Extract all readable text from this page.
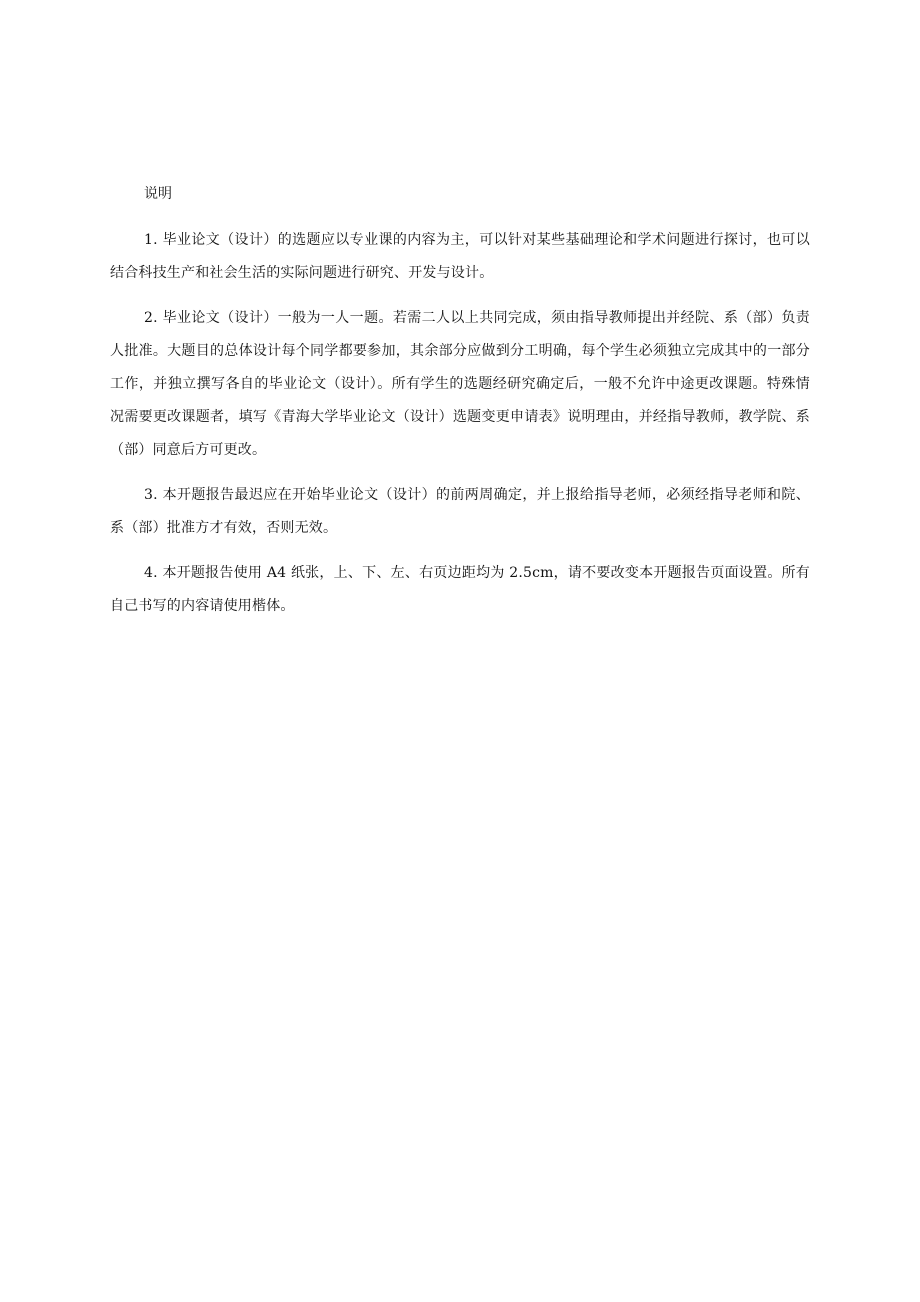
说明

1. 毕业论文（设计）的选题应以专业课的内容为主，可以针对某些基础理论和学术问题进行探讨，也可以结合科技生产和社会生活的实际问题进行研究、开发与设计。

2. 毕业论文（设计）一般为一人一题。若需二人以上共同完成，须由指导教师提出并经院、系（部）负责人批准。大题目的总体设计每个同学都要参加，其余部分应做到分工明确，每个学生必须独立完成其中的一部分工作，并独立撰写各自的毕业论文（设计）。所有学生的选题经研究确定后，一般不允许中途更改课题。特殊情况需要更改课题者，填写《青海大学毕业论文（设计）选题变更申请表》说明理由，并经指导教师，教学院、系（部）同意后方可更改。

3. 本开题报告最迟应在开始毕业论文（设计）的前两周确定，并上报给指导老师，必须经指导老师和院、系（部）批准方才有效，否则无效。

4. 本开题报告使用 A4 纸张，上、下、左、右页边距均为 2.5cm，请不要改变本开题报告页面设置。所有自己书写的内容请使用楷体。
